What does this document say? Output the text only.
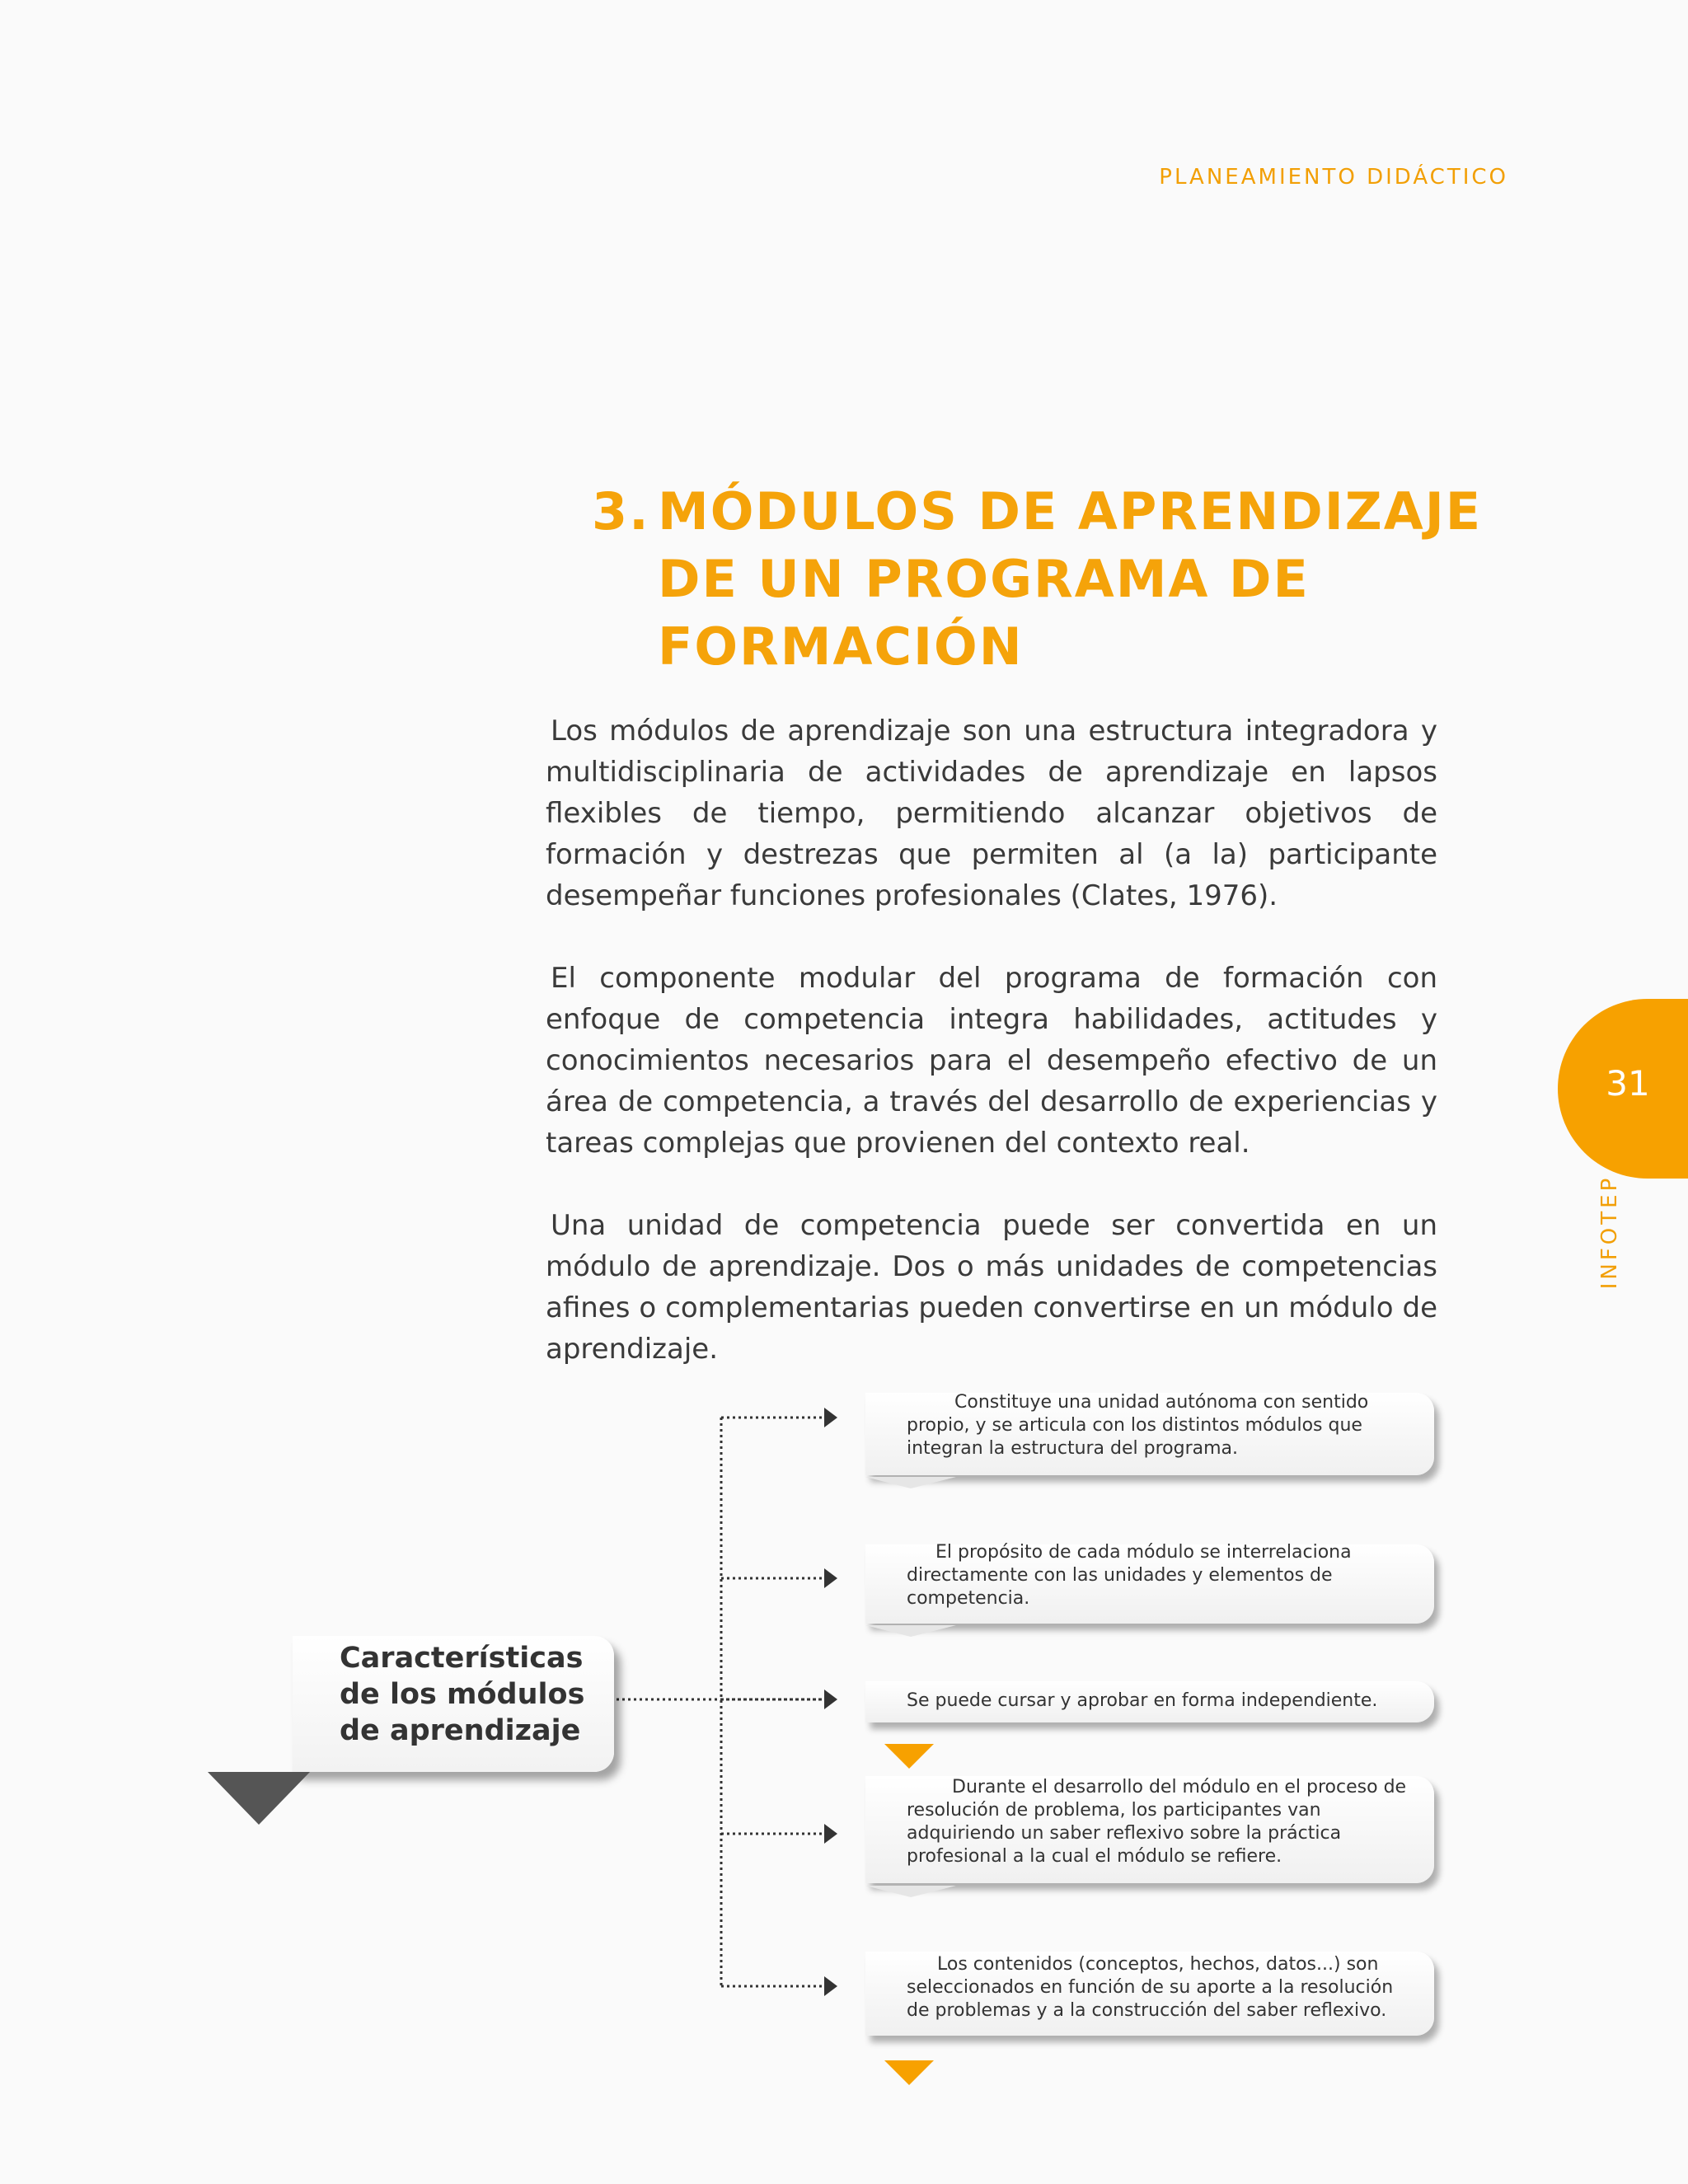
PLANEAMIENTO DIDÁCTICO
3. MÓDULOS DE APRENDIZAJE
DE UN PROGRAMA DE
FORMACIÓN

Los módulos de aprendizaje son una estructura integradora y multidisciplinaria de actividades de aprendizaje en lapsos flexibles de tiempo, permitiendo alcanzar objetivos de formación y destrezas que permiten al (a la) participante desempeñar funciones profesionales (Clates, 1976).

El componente modular del programa de formación con enfoque de competencia integra habilidades, actitudes y conocimientos necesarios para el desempeño efectivo de un área de competencia, a través del desarrollo de experiencias y tareas complejas que provienen del contexto real.

Una unidad de competencia puede ser convertida en un módulo de aprendizaje. Dos o más unidades de competencias afines o complementarias pueden convertirse en un módulo de aprendizaje.

31
INFOTEP
Características de los módulos de aprendizaje
Constituye una unidad autónoma con sentido propio, y se articula con los distintos módulos que integran la estructura del programa.
El propósito de cada módulo se interrelaciona directamente con las unidades y elementos de competencia.
Se puede cursar y aprobar en forma independiente.
Durante el desarrollo del módulo en el proceso de resolución de problema, los participantes van adquiriendo un saber reflexivo sobre la práctica profesional a la cual el módulo se refiere.
Los contenidos (conceptos, hechos, datos...) son seleccionados en función de su aporte a la resolución de problemas y a la construcción del saber reflexivo.
